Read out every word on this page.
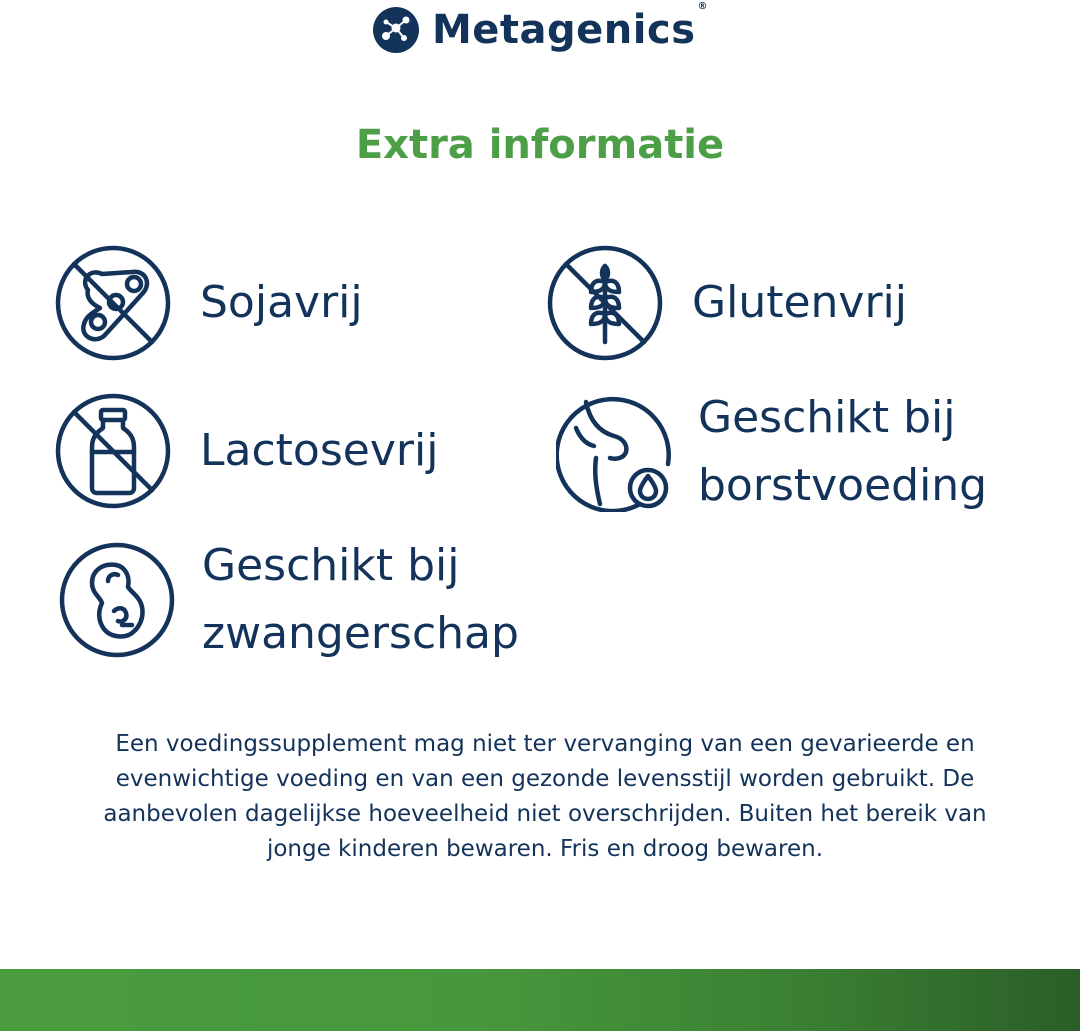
Metagenics®
Extra informatie
Sojavrij	Glutenvrij
Lactosevrij
Geschikt bij
borstvoeding
Geschikt bij
zwangerschap
Een voedingssupplement mag niet ter vervanging van een gevarieerde en
evenwichtige voeding en van een gezonde levensstijl worden gebruikt. De
aanbevolen dagelijkse hoeveelheid niet overschrijden. Buiten het bereik van
jonge kinderen bewaren. Fris en droog bewaren.
